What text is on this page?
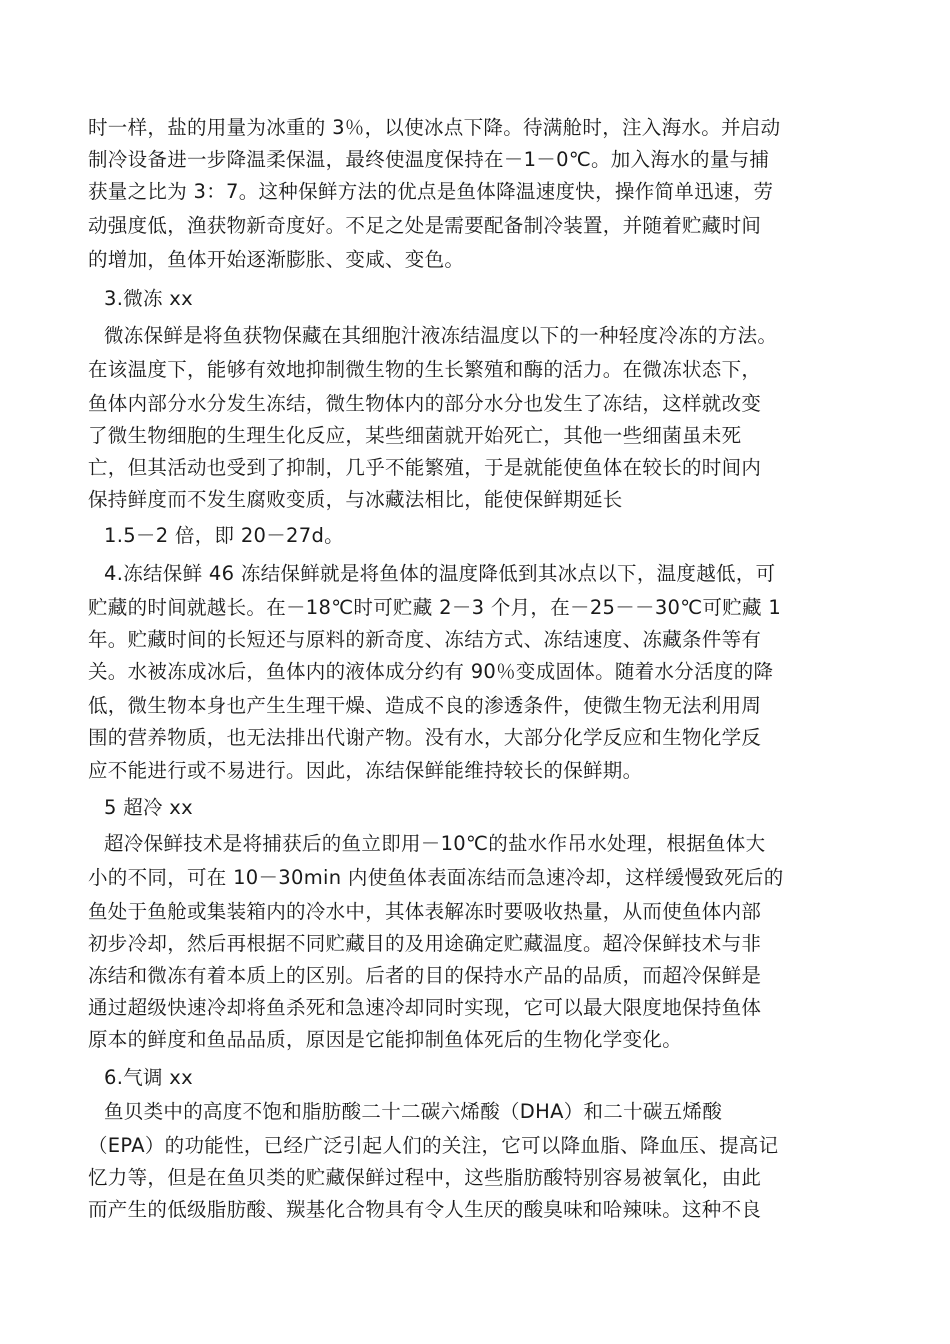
时一样，盐的用量为冰重的 3％，以使冰点下降。待满舱时，注入海水。并启动
制冷设备进一步降温柔保温，最终使温度保持在－1－0℃。加入海水的量与捕
获量之比为 3：7。这种保鲜方法的优点是鱼体降温速度快，操作简单迅速，劳
动强度低，渔获物新奇度好。不足之处是需要配备制冷装置，并随着贮藏时间
的增加，鱼体开始逐渐膨胀、变咸、变色。
3.微冻 xx
微冻保鲜是将鱼获物保藏在其细胞汁液冻结温度以下的一种轻度冷冻的方法。
在该温度下，能够有效地抑制微生物的生长繁殖和酶的活力。在微冻状态下，
鱼体内部分水分发生冻结，微生物体内的部分水分也发生了冻结，这样就改变
了微生物细胞的生理生化反应，某些细菌就开始死亡，其他一些细菌虽未死
亡，但其活动也受到了抑制，几乎不能繁殖，于是就能使鱼体在较长的时间内
保持鲜度而不发生腐败变质，与冰藏法相比，能使保鲜期延长
1.5－2 倍，即 20－27d。
4.冻结保鲜 46 冻结保鲜就是将鱼体的温度降低到其冰点以下，温度越低，可
贮藏的时间就越长。在－18℃时可贮藏 2－3 个月，在－25－－30℃可贮藏 1
年。贮藏时间的长短还与原料的新奇度、冻结方式、冻结速度、冻藏条件等有
关。水被冻成冰后，鱼体内的液体成分约有 90％变成固体。随着水分活度的降
低，微生物本身也产生生理干燥、造成不良的渗透条件，使微生物无法利用周
围的营养物质，也无法排出代谢产物。没有水，大部分化学反应和生物化学反
应不能进行或不易进行。因此，冻结保鲜能维持较长的保鲜期。
5 超冷 xx
超冷保鲜技术是将捕获后的鱼立即用－10℃的盐水作吊水处理，根据鱼体大
小的不同，可在 10－30min 内使鱼体表面冻结而急速冷却，这样缓慢致死后的
鱼处于鱼舱或集装箱内的冷水中，其体表解冻时要吸收热量，从而使鱼体内部
初步冷却，然后再根据不同贮藏目的及用途确定贮藏温度。超冷保鲜技术与非
冻结和微冻有着本质上的区别。后者的目的保持水产品的品质，而超冷保鲜是
通过超级快速冷却将鱼杀死和急速冷却同时实现，它可以最大限度地保持鱼体
原本的鲜度和鱼品品质，原因是它能抑制鱼体死后的生物化学变化。
6.气调 xx
鱼贝类中的高度不饱和脂肪酸二十二碳六烯酸（DHA）和二十碳五烯酸
（EPA）的功能性，已经广泛引起人们的关注，它可以降血脂、降血压、提高记
忆力等，但是在鱼贝类的贮藏保鲜过程中，这些脂肪酸特别容易被氧化，由此
而产生的低级脂肪酸、羰基化合物具有令人生厌的酸臭味和哈辣味。这种不良
